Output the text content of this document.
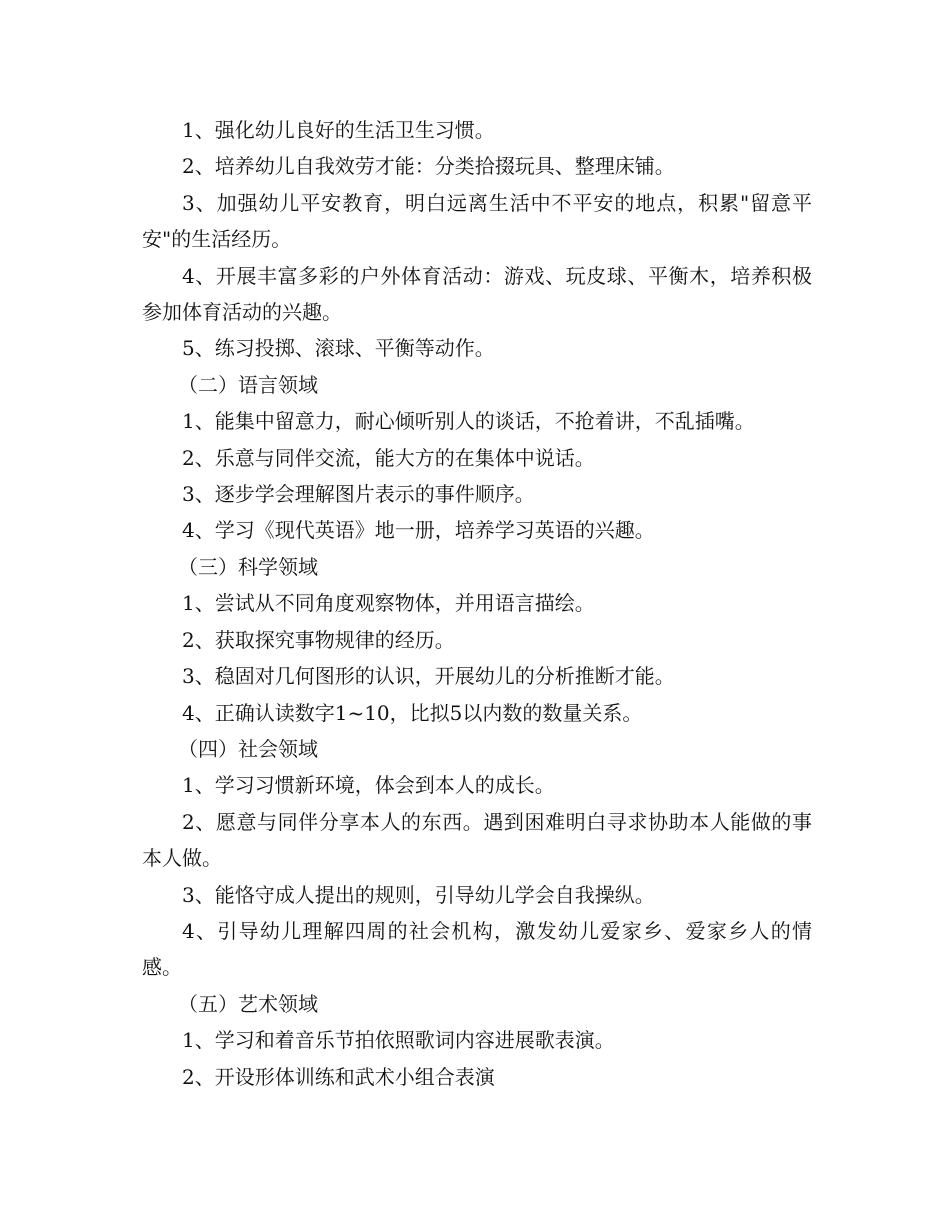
1、强化幼儿良好的生活卫生习惯。

2、培养幼儿自我效劳才能：分类拾掇玩具、整理床铺。

3、加强幼儿平安教育，明白远离生活中不平安的地点，积累"留意平安"的生活经历。

4、开展丰富多彩的户外体育活动：游戏、玩皮球、平衡木，培养积极参加体育活动的兴趣。

5、练习投掷、滚球、平衡等动作。

（二）语言领域

1、能集中留意力，耐心倾听别人的谈话，不抢着讲，不乱插嘴。

2、乐意与同伴交流，能大方的在集体中说话。

3、逐步学会理解图片表示的事件顺序。

4、学习《现代英语》地一册，培养学习英语的兴趣。

（三）科学领域

1、尝试从不同角度观察物体，并用语言描绘。

2、获取探究事物规律的经历。

3、稳固对几何图形的认识，开展幼儿的分析推断才能。

4、正确认读数字1~10，比拟5以内数的数量关系。

（四）社会领域

1、学习习惯新环境，体会到本人的成长。

2、愿意与同伴分享本人的东西。遇到困难明白寻求协助本人能做的事本人做。

3、能恪守成人提出的规则，引导幼儿学会自我操纵。

4、引导幼儿理解四周的社会机构，激发幼儿爱家乡、爱家乡人的情感。

（五）艺术领域

1、学习和着音乐节拍依照歌词内容进展歌表演。

2、开设形体训练和武术小组合表演
